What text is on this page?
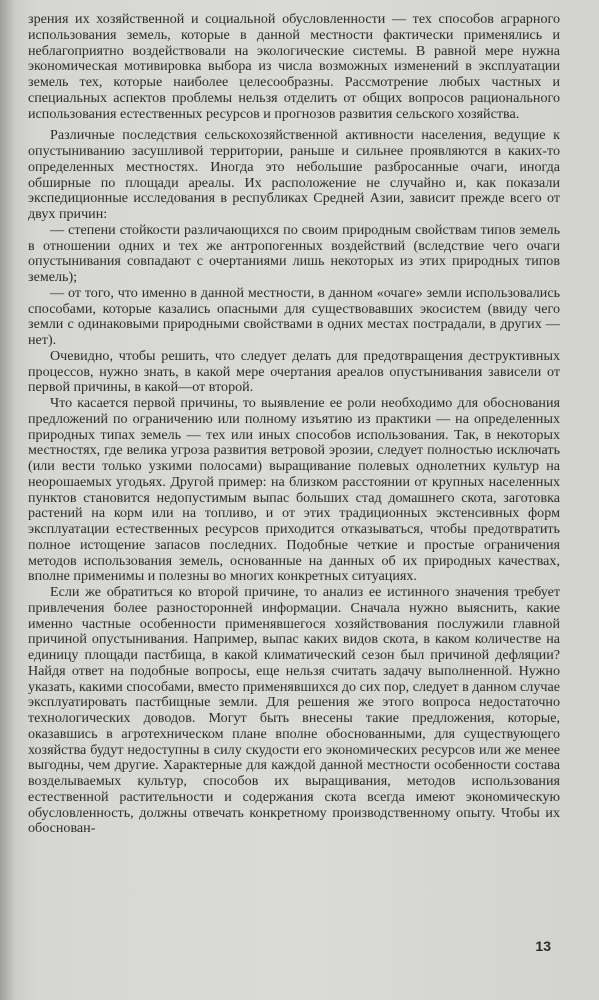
зрения их хозяйственной и социальной обусловленности — тех способов аграрного использования земель, которые в данной местности фактически применялись и неблагоприятно воздействовали на экологические системы. В равной мере нужна экономическая мотивировка выбора из числа возможных изменений в эксплуатации земель тех, которые наиболее целесообразны. Рассмотрение любых частных и специальных аспектов проблемы нельзя отделить от общих вопросов рационального использования естественных ресурсов и прогнозов развития сельского хозяйства.

Различные последствия сельскохозяйственной активности населения, ведущие к опустыниванию засушливой территории, раньше и сильнее проявляются в каких-то определенных местностях. Иногда это небольшие разбросанные очаги, иногда обширные по площади ареалы. Их расположение не случайно и, как показали экспедиционные исследования в республиках Средней Азии, зависит прежде всего от двух причин:

— степени стойкости различающихся по своим природным свойствам типов земель в отношении одних и тех же антропогенных воздействий (вследствие чего очаги опустынивания совпадают с очертаниями лишь некоторых из этих природных типов земель);

— от того, что именно в данной местности, в данном «очаге» земли использовались способами, которые казались опасными для существовавших экосистем (ввиду чего земли с одинаковыми природными свойствами в одних местах пострадали, в других — нет).

Очевидно, чтобы решить, что следует делать для предотвращения деструктивных процессов, нужно знать, в какой мере очертания ареалов опустынивания зависели от первой причины, в какой—от второй.

Что касается первой причины, то выявление ее роли необходимо для обоснования предложений по ограничению или полному изъятию из практики — на определенных природных типах земель — тех или иных способов использования. Так, в некоторых местностях, где велика угроза развития ветровой эрозии, следует полностью исключать (или вести только узкими полосами) выращивание полевых однолетних культур на неорошаемых угодьях. Другой пример: на близком расстоянии от крупных населенных пунктов становится недопустимым выпас больших стад домашнего скота, заготовка растений на корм или на топливо, и от этих традиционных экстенсивных форм эксплуатации естественных ресурсов приходится отказываться, чтобы предотвратить полное истощение запасов последних. Подобные четкие и простые ограничения методов использования земель, основанные на данных об их природных качествах, вполне применимы и полезны во многих конкретных ситуациях.

Если же обратиться ко второй причине, то анализ ее истинного значения требует привлечения более разносторонней информации. Сначала нужно выяснить, какие именно частные особенности применявшегося хозяйствования послужили главной причиной опустынивания. Например, выпас каких видов скота, в каком количестве на единицу площади пастбища, в какой климатический сезон был причиной дефляции? Найдя ответ на подобные вопросы, еще нельзя считать задачу выполненной. Нужно указать, какими способами, вместо применявшихся до сих пор, следует в данном случае эксплуатировать пастбищные земли. Для решения же этого вопроса недостаточно технологических доводов. Могут быть внесены такие предложения, которые, оказавшись в агротехническом плане вполне обоснованными, для существующего хозяйства будут недоступны в силу скудости его экономических ресурсов или же менее выгодны, чем другие. Характерные для каждой данной местности особенности состава возделываемых культур, способов их выращивания, методов использования естественной растительности и содержания скота всегда имеют экономическую обусловленность, должны отвечать конкретному производственному опыту. Чтобы их обоснован-

13
